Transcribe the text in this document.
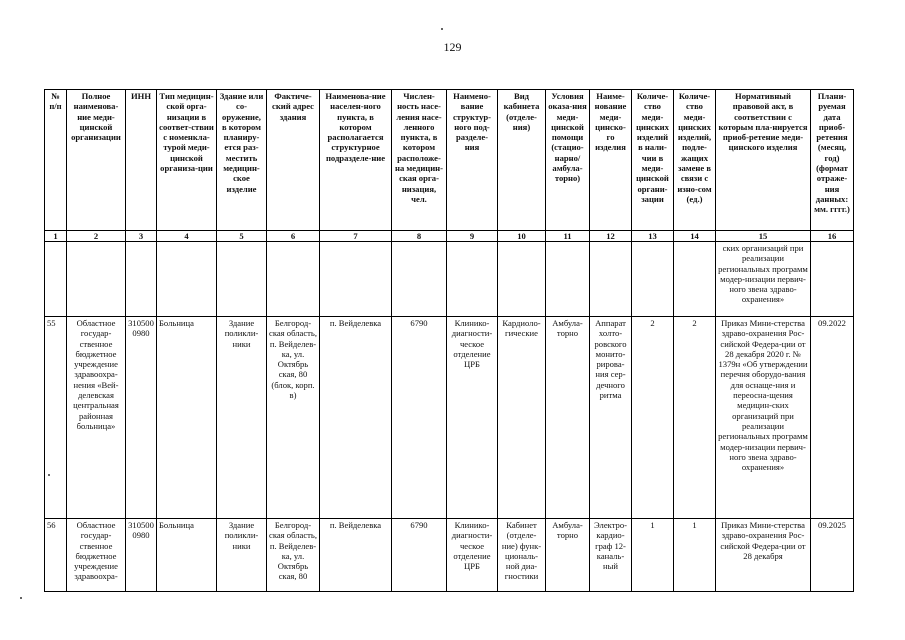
129
№ п/п	Полное наименова-ние меди-цинской организации	ИНН	Тип медицин-ской орга-низации в соответ-ствии с номенкла-турой меди-цинской организа-ции	Здание или со-оружение, в котором планиру-ется раз-местить медицин-ское изделие	Фактиче-ский адрес здания	Наименова-ние населен-ного пункта, в котором располагается структурное подразделе-ние	Числен-ность насе-ления насе-ленного пункта, в котором расположе-на медицин-ская орга-низация, чел.	Наимено-вание структур-ного под-разделе-ния	Вид кабинета (отделе-ния)	Условия оказа-ния меди-цинской помощи (стацио-нарно/ амбула-торно)	Наиме-нование меди-цинско-го изделия	Количе-ство меди-цинских изделий в нали-чии в меди-цинской органи-зации	Количе-ство меди-цинских изделий, подле-жащих замене в связи с изно-сом (ед.)	Нормативный правовой акт, в соответствии с которым пла-нируется приоб-ретение меди-цинского изделия	Плани-руемая дата приоб-ретения (месяц, год) (формат отраже-ния данных: мм. гггг.)
1	2	3	4	5	6	7	8	9	10	11	12	13	14	15	16
														ских организаций при реализации региональных программ модер-низации первич-ного звена здраво-охранения»	
55	Областное государ-ственное бюджетное учреждение здравоохра-нения «Вей-делевская центральная районная больница»	3105000980	Больница	Здание поликли-ники	Белгород-ская область, п. Вейделев-ка, ул. Октябрь ская, 80 (блок, корп. в)	п. Вейделевка	6790	Клинико-диагности-ческое отделение ЦРБ	Кардиоло-гические	Амбула-торно	Аппарат холто-ровского монито-рирова-ния сер-дечного ритма	2	2	Приказ Мини-стерства здраво-охранения Рос-сийской Федера-ции от 28 декабря 2020 г. № 1379н «Об утверждении перечня оборудо-вания для оснаще-ния и переосна-щения медицин-ских организаций при реализации региональных программ модер-низации первич-ного звена здраво-охранения»	09.2022
56	Областное государ-ственное бюджетное учреждение здравоохра-	3105000980	Больница	Здание поликли-ники	Белгород-ская область, п. Вейделев-ка, ул. Октябрь ская, 80	п. Вейделевка	6790	Клинико-диагности-ческое отделение ЦРБ	Кабинет (отделе-ние) функ-циональ-ной диа-гностики	Амбула-торно	Электро-кардио-граф 12-каналь-ный	1	1	Приказ Мини-стерства здраво-охранения Рос-сийской Федера-ции от 28 декабря	09.2025
